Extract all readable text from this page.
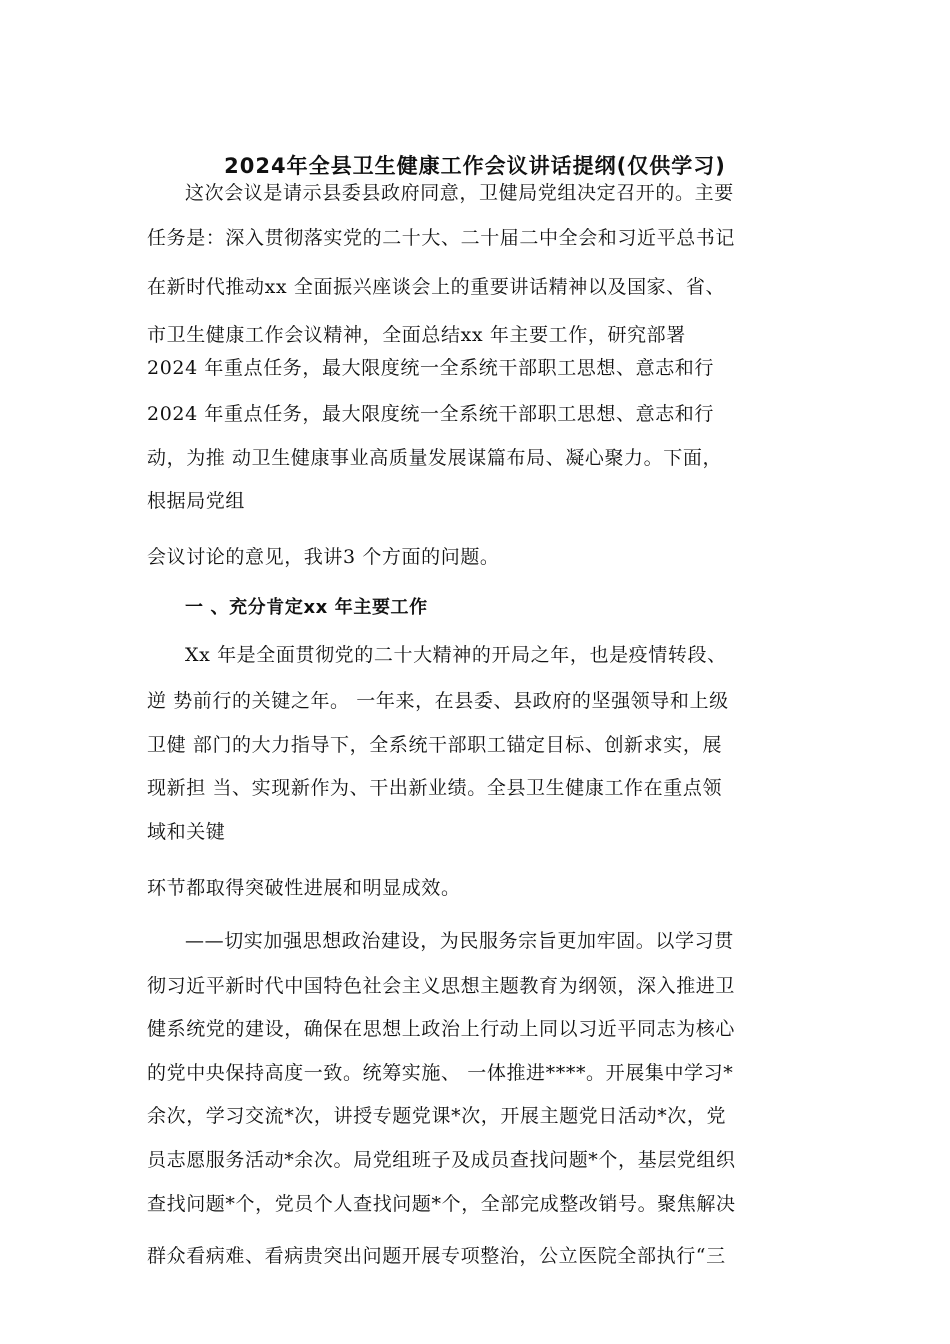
2024年全县卫生健康工作会议讲话提纲(仅供学习)
这次会议是请示县委县政府同意，卫健局党组决定召开的。主要
任务是：深入贯彻落实党的二十大、二十届二中全会和习近平总书记
在新时代推动xx 全面振兴座谈会上的重要讲话精神以及国家、省、
市卫生健康工作会议精神，全面总结xx 年主要工作，研究部署
2024 年重点任务，最大限度统一全系统干部职工思想、意志和行
2024 年重点任务，最大限度统一全系统干部职工思想、意志和行
动，为推 动卫生健康事业高质量发展谋篇布局、凝心聚力。下面，
根据局党组
会议讨论的意见，我讲3 个方面的问题。
一 、充分肯定xx 年主要工作
Xx 年是全面贯彻党的二十大精神的开局之年，也是疫情转段、
逆 势前行的关键之年。 一年来，在县委、县政府的坚强领导和上级
卫健 部门的大力指导下，全系统干部职工锚定目标、创新求实，展
现新担 当、实现新作为、干出新业绩。全县卫生健康工作在重点领
域和关键
环节都取得突破性进展和明显成效。
——切实加强思想政治建设，为民服务宗旨更加牢固。以学习贯
彻习近平新时代中国特色社会主义思想主题教育为纲领，深入推进卫
健系统党的建设，确保在思想上政治上行动上同以习近平同志为核心
的党中央保持高度一致。统筹实施、 一体推进****。开展集中学习*
余次，学习交流*次，讲授专题党课*次，开展主题党日活动*次，党
员志愿服务活动*余次。局党组班子及成员查找问题*个，基层党组织
查找问题*个，党员个人查找问题*个，全部完成整改销号。聚焦解决
群众看病难、看病贵突出问题开展专项整治，公立医院全部执行“三
